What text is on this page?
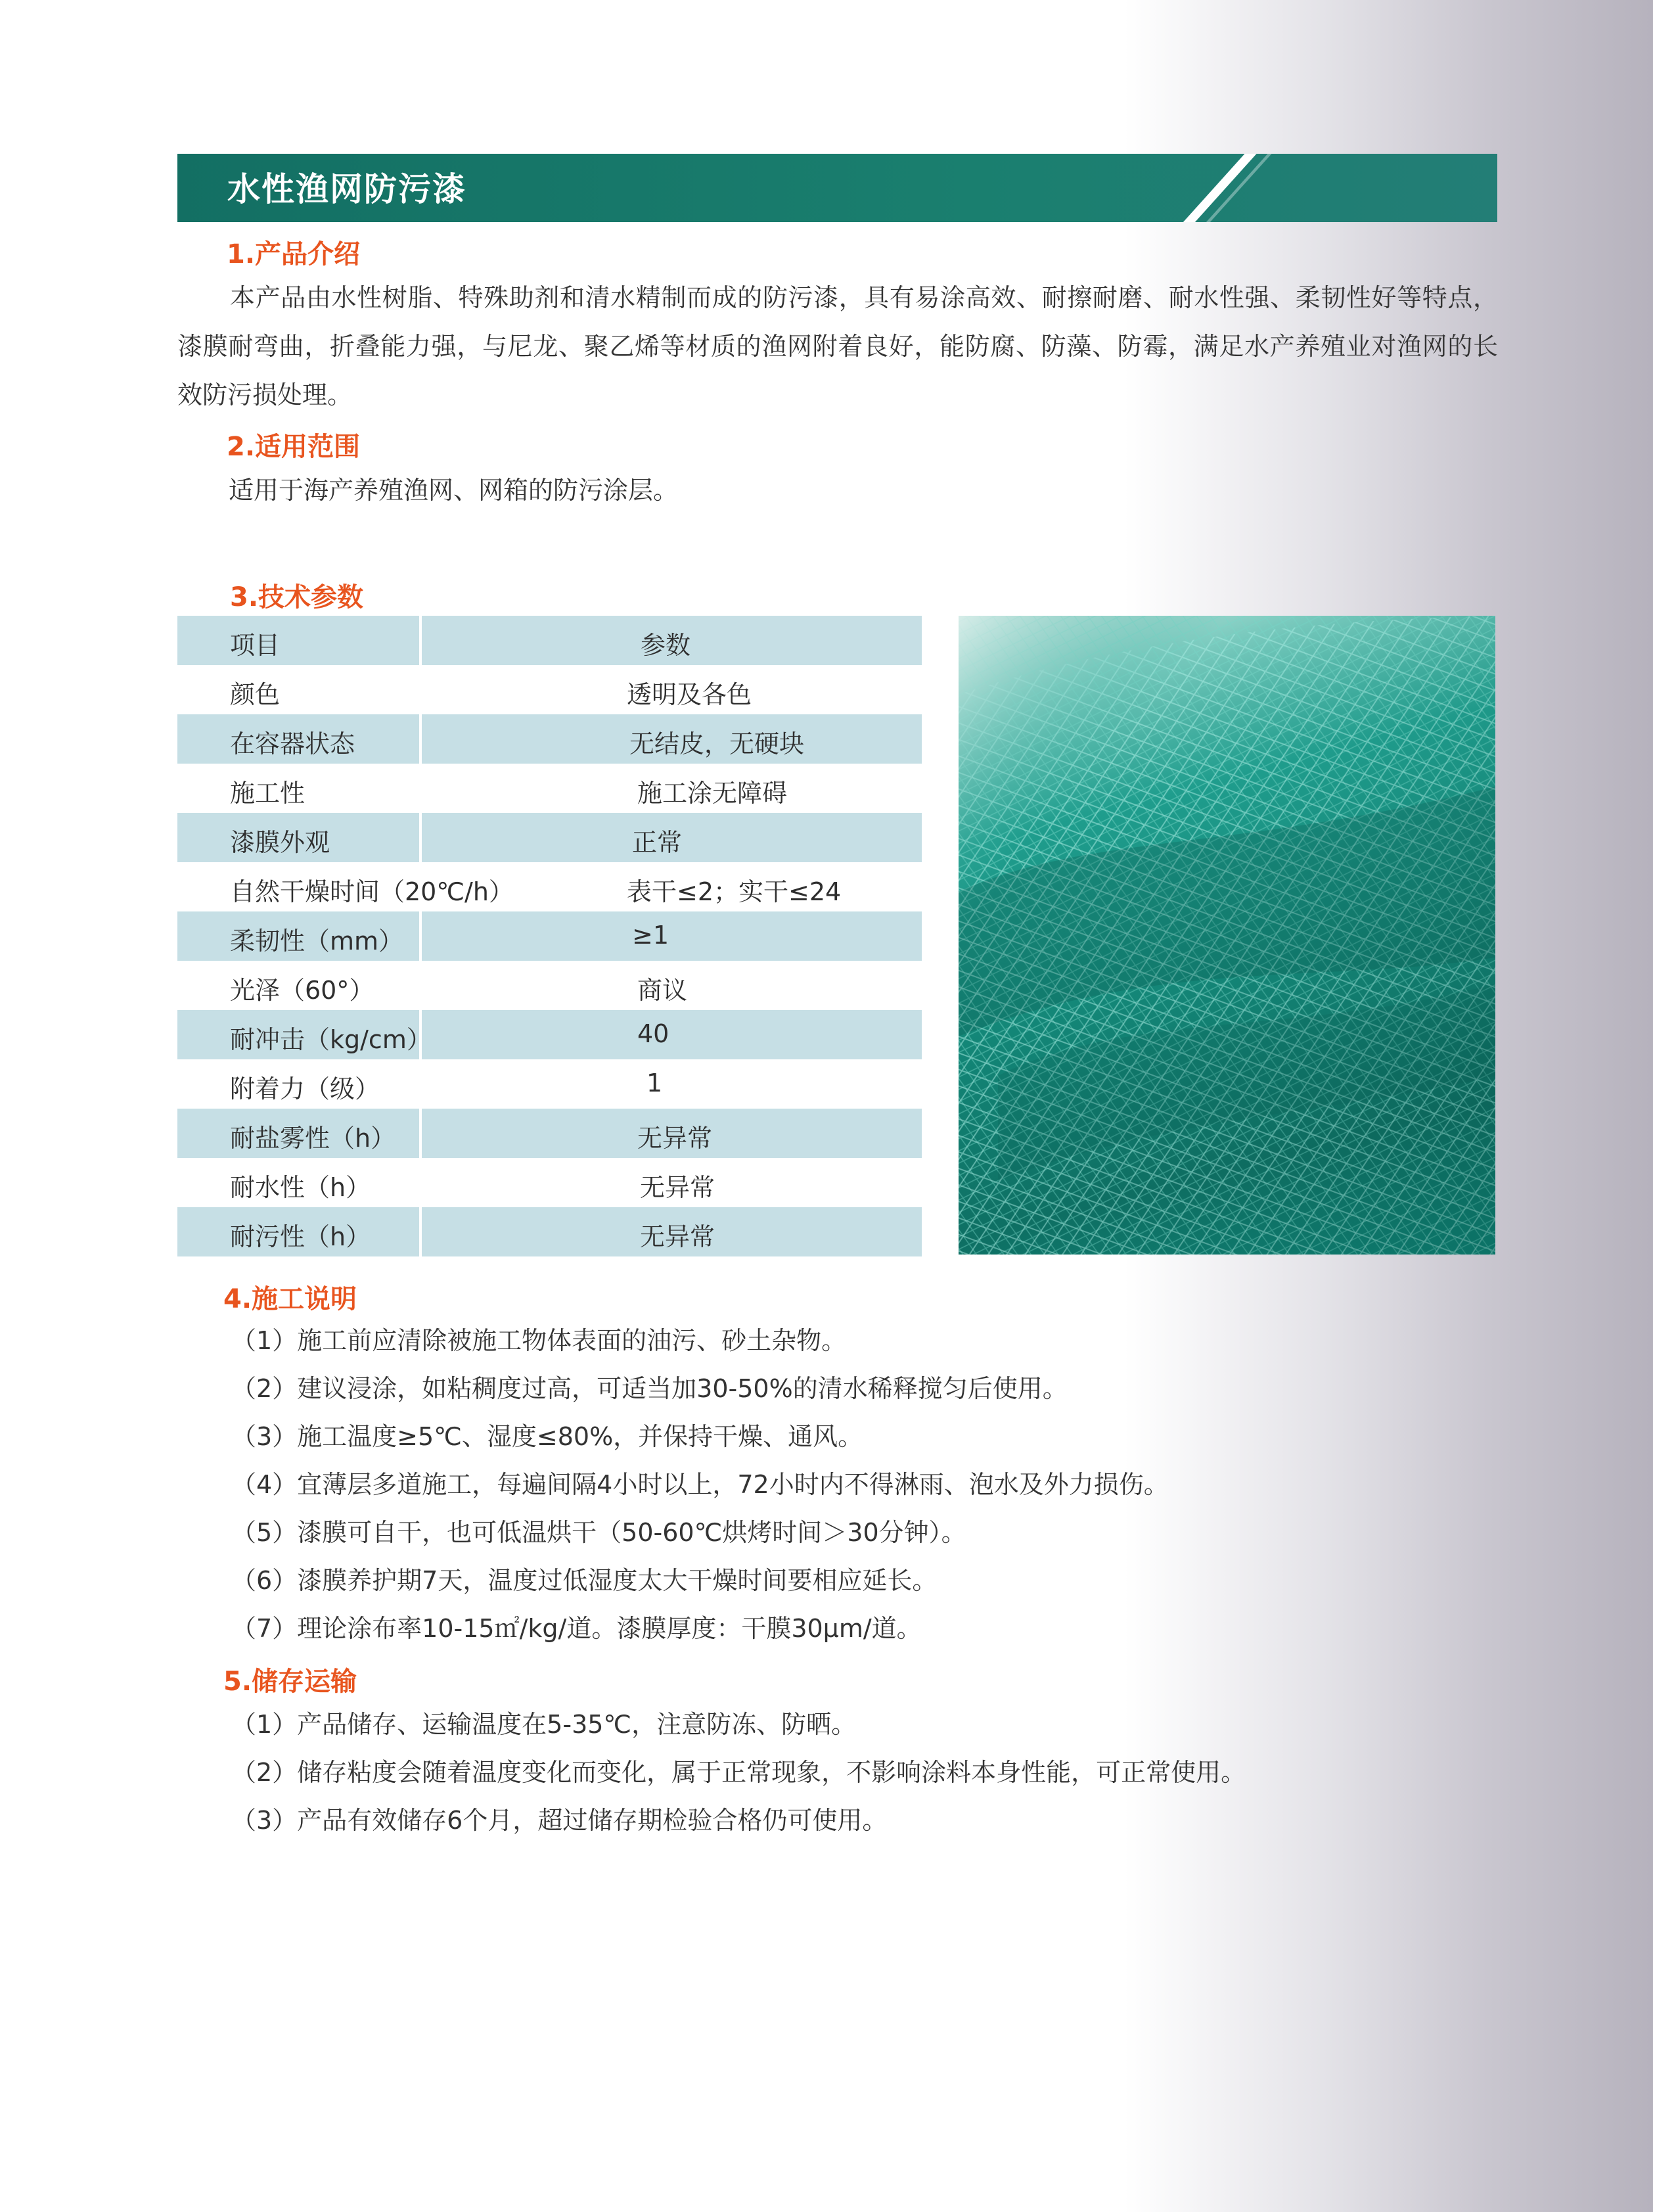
水性渔网防污漆
1.产品介绍
本产品由水性树脂、特殊助剂和清水精制而成的防污漆，具有易涂高效、耐擦耐磨、耐水性强、柔韧性好等特点，漆膜耐弯曲，折叠能力强，与尼龙、聚乙烯等材质的渔网附着良好，能防腐、防藻、防霉，满足水产养殖业对渔网的长效防污损处理。
2.适用范围
适用于海产养殖渔网、网箱的防污涂层。
3.技术参数
项目	参数
颜色	透明及各色
在容器状态	无结皮，无硬块
施工性	施工涂无障碍
漆膜外观	正常
自然干燥时间（20℃/h）	表干≤2；实干≤24
柔韧性（mm）	≥1
光泽（60°）	商议
耐冲击（kg/cm）	40
附着力（级）	1
耐盐雾性（h）	无异常
耐水性（h）	无异常
耐污性（h）	无异常
4.施工说明
（1）施工前应清除被施工物体表面的油污、砂土杂物。
（2）建议浸涂，如粘稠度过高，可适当加30-50%的清水稀释搅匀后使用。
（3）施工温度≥5℃、湿度≤80%，并保持干燥、通风。
（4）宜薄层多道施工，每遍间隔4小时以上，72小时内不得淋雨、泡水及外力损伤。
（5）漆膜可自干，也可低温烘干（50-60℃烘烤时间＞30分钟）。
（6）漆膜养护期7天，温度过低湿度太大干燥时间要相应延长。
（7）理论涂布率10-15㎡/kg/道。漆膜厚度：干膜30μm/道。
5.储存运输
（1）产品储存、运输温度在5-35℃，注意防冻、防晒。
（2）储存粘度会随着温度变化而变化，属于正常现象，不影响涂料本身性能，可正常使用。
（3）产品有效储存6个月，超过储存期检验合格仍可使用。
